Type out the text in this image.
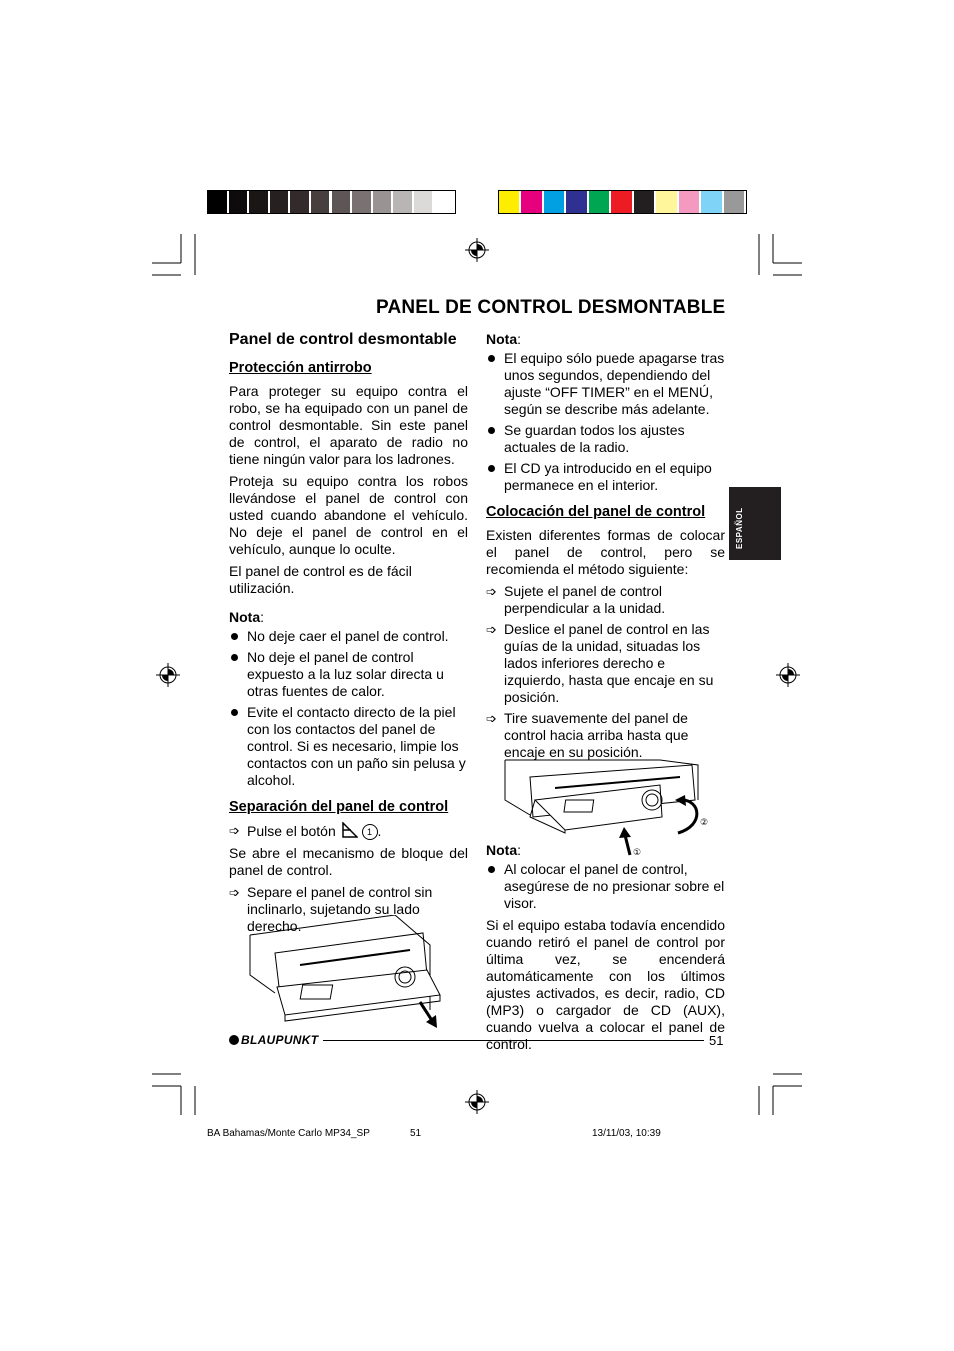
PANEL DE CONTROL DESMONTABLE
ESPAÑOL
Panel de control desmontable
Protección antirrobo

Para proteger su equipo contra el robo, se ha equipado con un panel de control desmontable. Sin este panel de control, el aparato de radio no tiene ningún valor para los ladrones.

Proteja su equipo contra los robos llevándose el panel de control con usted cuando abandone el vehículo. No deje el panel de control en el vehículo, aunque lo oculte.

El panel de control es de fácil utilización.

Nota:
No deje caer el panel de control.
No deje el panel de control expuesto a la luz solar directa u otras fuentes de calor.
Evite el contacto directo de la piel con los contactos del panel de control. Si es necesario, limpie los contactos con un paño sin pelusa y alcohol.
Separación del panel de control
➩ Pulse el botón	1 .

Se abre el mecanismo de bloque del panel de control.

➩ Separe el panel de control sin inclinarlo, sujetando su lado derecho.
Nota:
El equipo sólo puede apagarse tras unos segundos, dependiendo del ajuste “OFF TIMER” en el MENÚ, según se describe más adelante.
Se guardan todos los ajustes actuales de la radio.
El CD ya introducido en el equipo permanece en el interior.
Colocación del panel de control

Existen diferentes formas de colocar el panel de control, pero se recomienda el método siguiente:

➩ Sujete el panel de control perpendicular a la unidad.
➩ Deslice el panel de control en las guías de la unidad, situadas los lados inferiores derecho e izquierdo, hasta que encaje en su posición.
➩ Tire suavemente del panel de control hacia arriba hasta que encaje en su posición.
②
①
Nota:
Al colocar el panel de control, asegúrese de no presionar sobre el visor.

Si el equipo estaba todavía encendido cuando retiró el panel de control por última vez, se encenderá automáticamente con los últimos ajustes activados, es decir, radio, CD (MP3) o cargador de CD (AUX), cuando vuelva a colocar el panel de control.

BLAUPUNKT	51
BA Bahamas/Monte Carlo MP34_SP	51	13/11/03, 10:39
